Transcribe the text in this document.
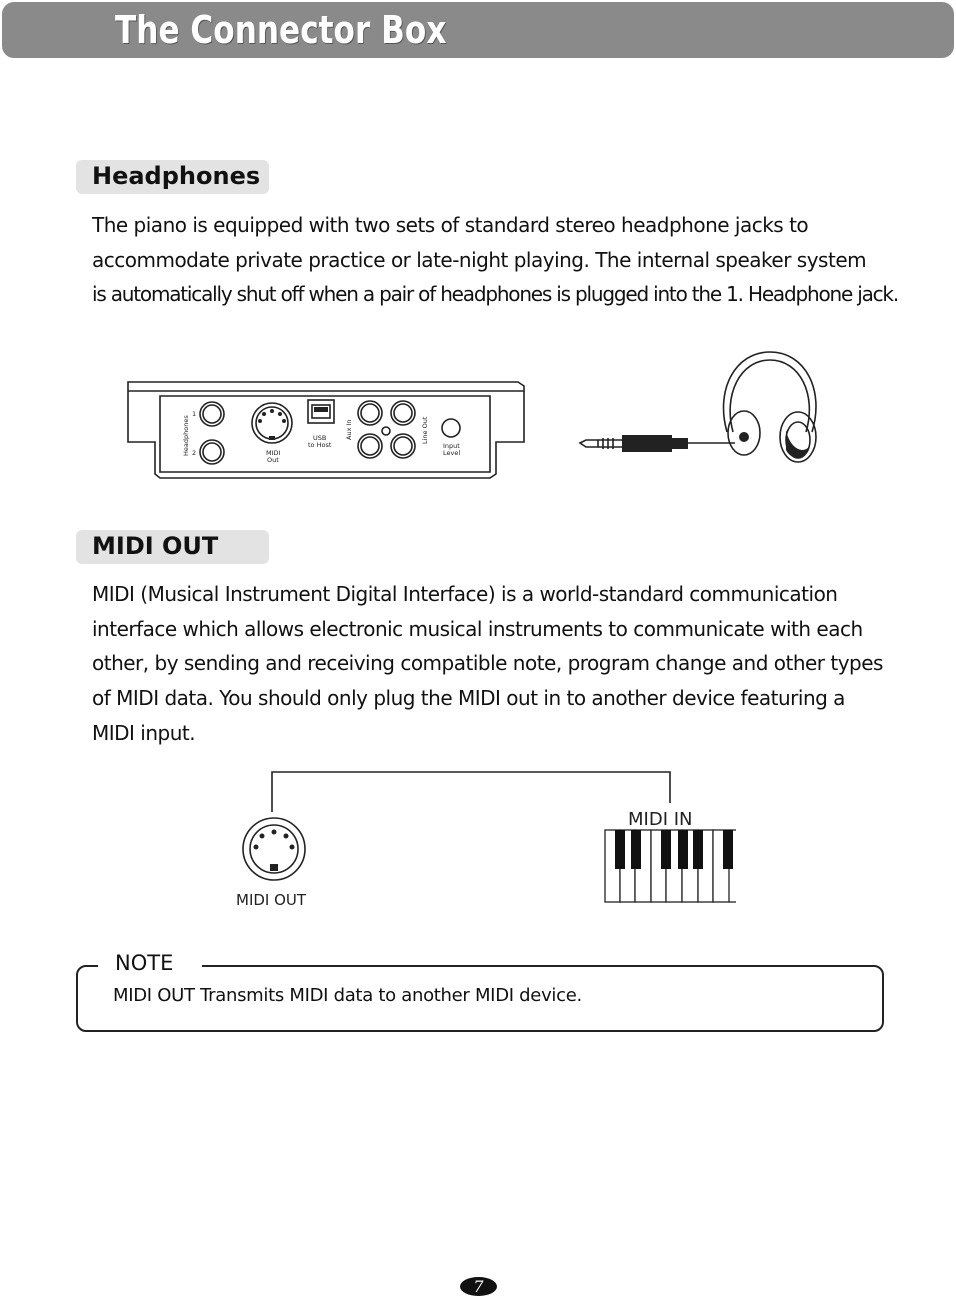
The Connector Box
Headphones
The piano is equipped with two sets of standard stereo headphone jacks to
accommodate private practice or late-night playing. The internal speaker system
is automatically shut off when a pair of headphones is plugged into the 1. Headphone jack.
Headphones
1
2	MIDI
Out
USB
to Host
Aux In	Line Out
Input
Level
MIDI OUT
MIDI (Musical Instrument Digital Interface) is a world-standard communication
interface which allows electronic musical instruments to communicate with each
other, by sending and receiving compatible note, program change and other types
of MIDI data. You should only plug the MIDI out in to another device featuring a
MIDI input.
MIDI OUT
MIDI IN
NOTE
MIDI OUT Transmits MIDI data to another MIDI device.
7
